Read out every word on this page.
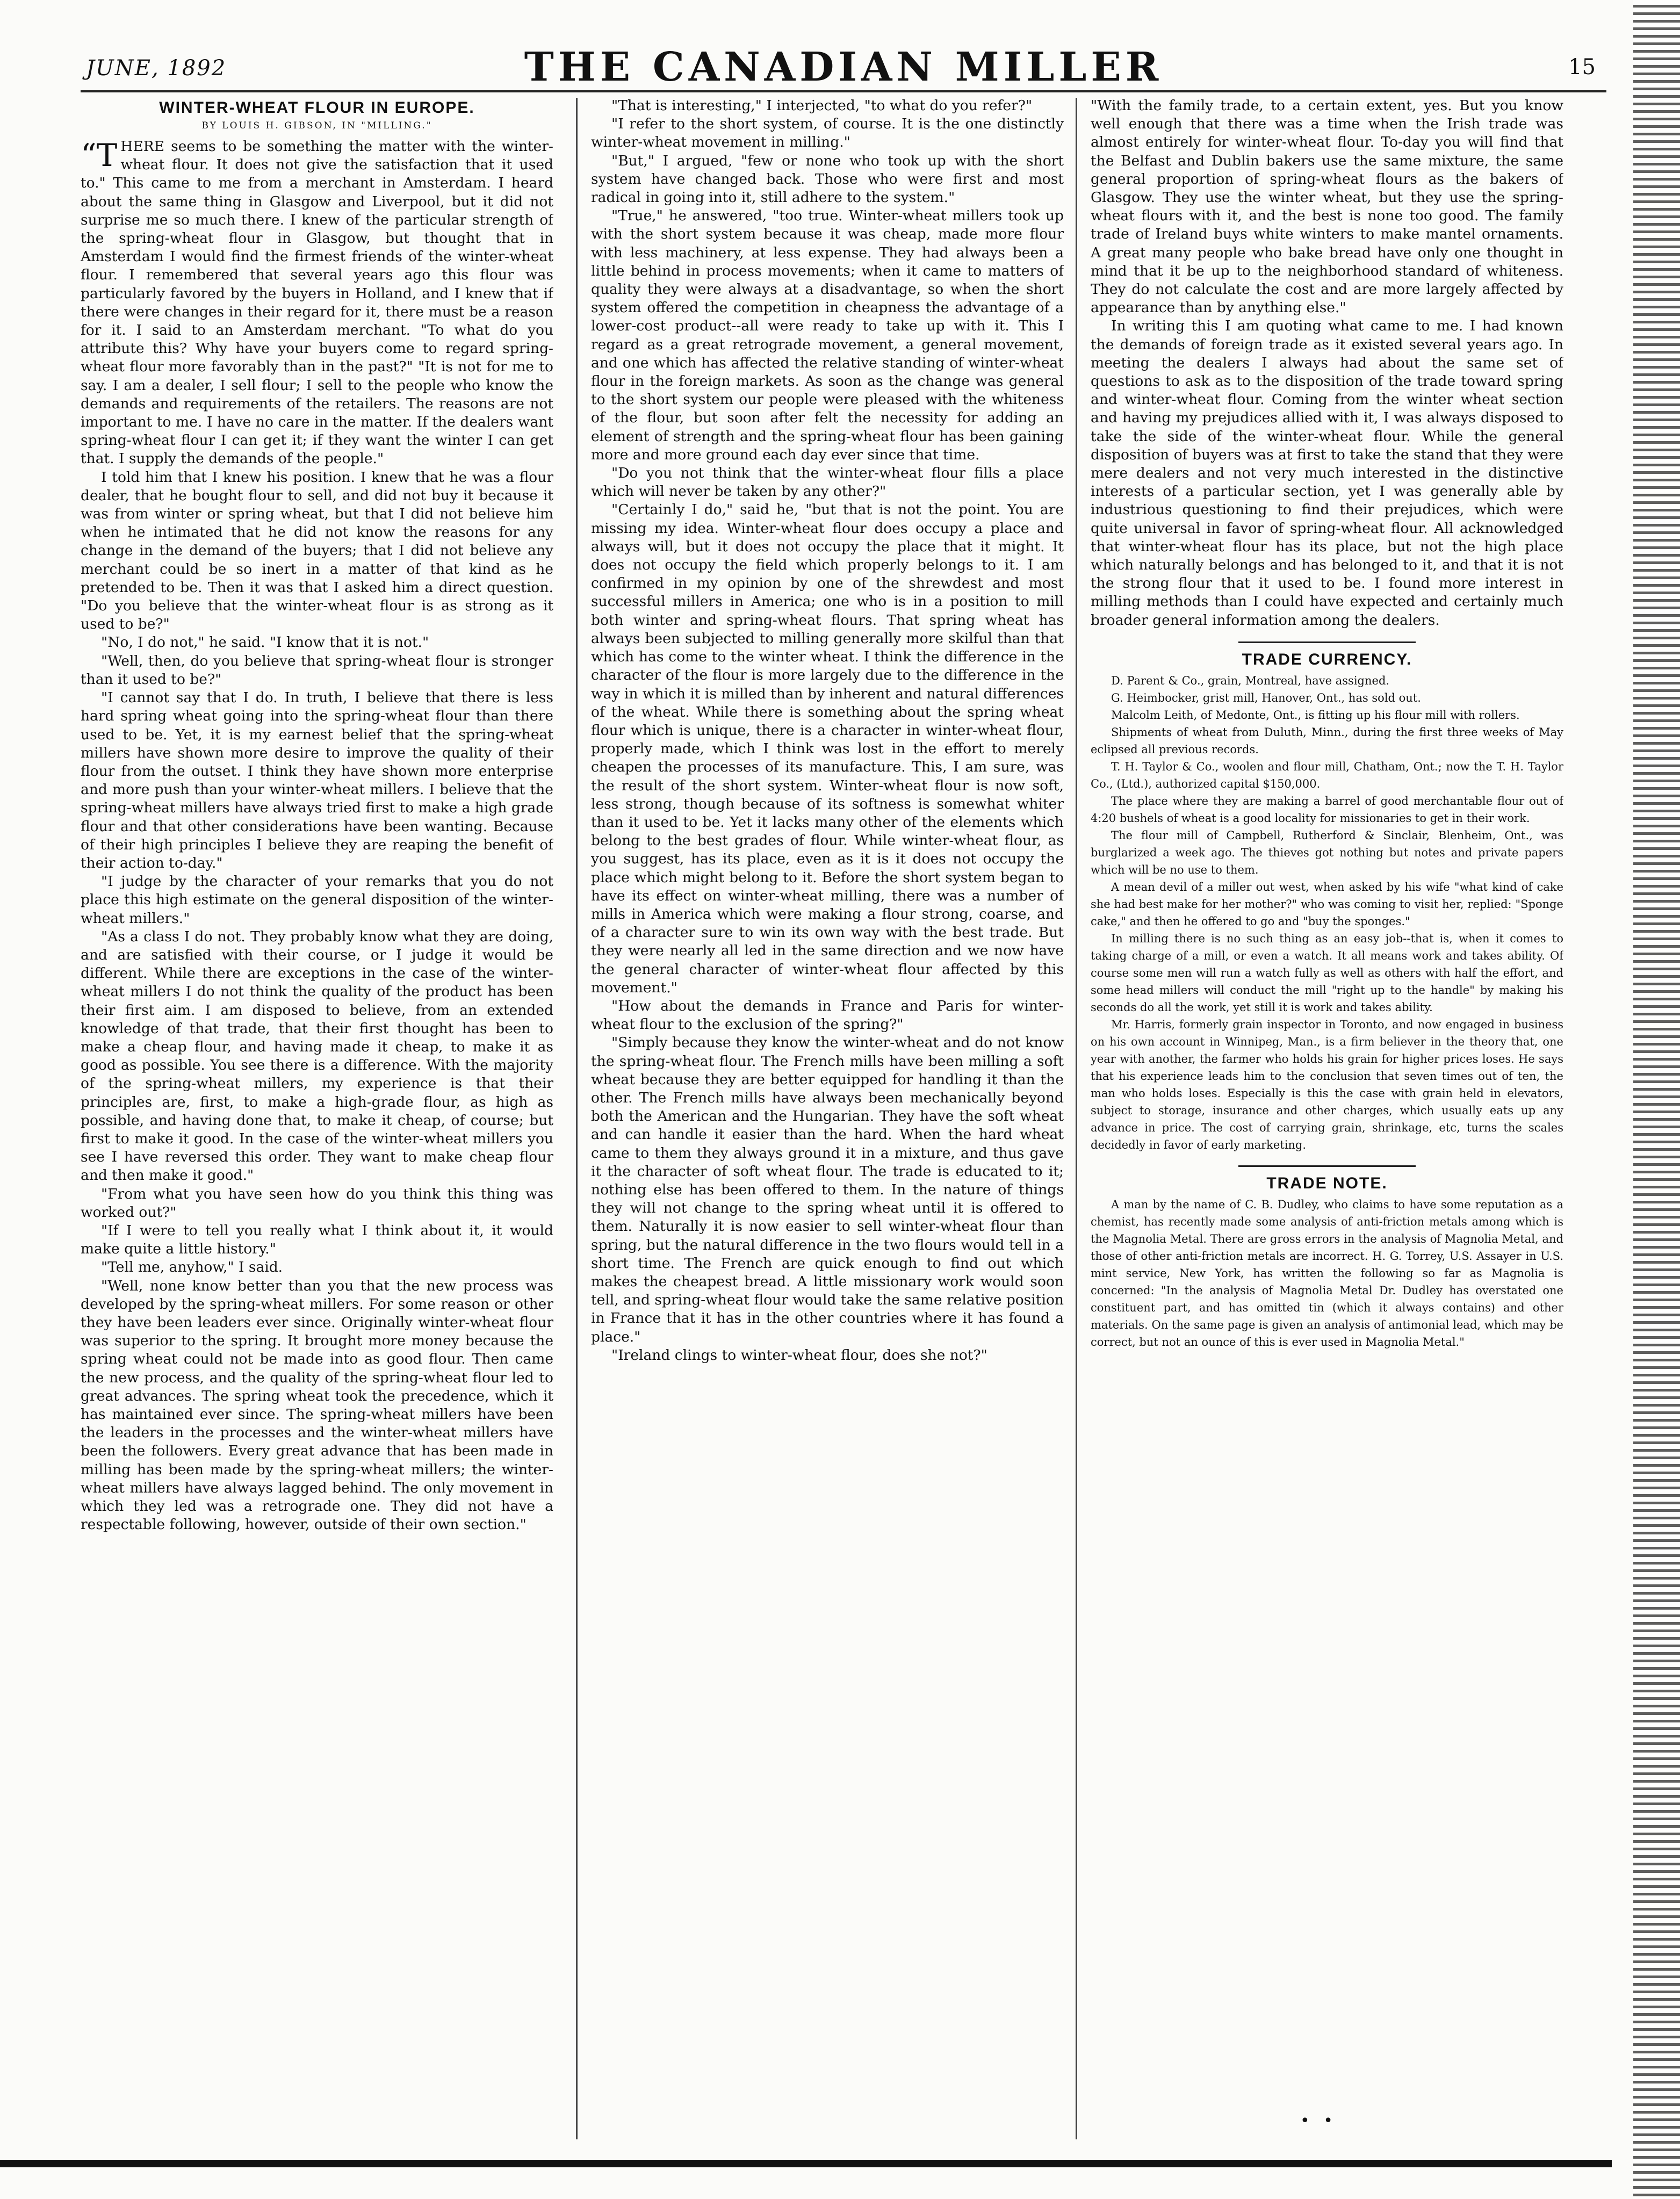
JUNE, 1892	THE CANADIAN MILLER	15
WINTER-WHEAT FLOUR IN EUROPE.
BY LOUIS H. GIBSON, IN "MILLING."

“THERE seems to be something the matter with the winter-wheat flour. It does not give the satisfaction that it used to." This came to me from a merchant in Amsterdam. I heard about the same thing in Glasgow and Liverpool, but it did not surprise me so much there. I knew of the particular strength of the spring-wheat flour in Glasgow, but thought that in Amsterdam I would find the firmest friends of the winter-wheat flour. I remembered that several years ago this flour was particularly favored by the buyers in Holland, and I knew that if there were changes in their regard for it, there must be a reason for it. I said to an Amsterdam merchant. "To what do you attribute this? Why have your buyers come to regard spring-wheat flour more favorably than in the past?" "It is not for me to say. I am a dealer, I sell flour; I sell to the people who know the demands and requirements of the retailers. The reasons are not important to me. I have no care in the matter. If the dealers want spring-wheat flour I can get it; if they want the winter I can get that. I supply the demands of the people."

I told him that I knew his position. I knew that he was a flour dealer, that he bought flour to sell, and did not buy it because it was from winter or spring wheat, but that I did not believe him when he intimated that he did not know the reasons for any change in the demand of the buyers; that I did not believe any merchant could be so inert in a matter of that kind as he pretended to be. Then it was that I asked him a direct question. "Do you believe that the winter-wheat flour is as strong as it used to be?"

"No, I do not," he said. "I know that it is not."

"Well, then, do you believe that spring-wheat flour is stronger than it used to be?"

"I cannot say that I do. In truth, I believe that there is less hard spring wheat going into the spring-wheat flour than there used to be. Yet, it is my earnest belief that the spring-wheat millers have shown more desire to improve the quality of their flour from the outset. I think they have shown more enterprise and more push than your winter-wheat millers. I believe that the spring-wheat millers have always tried first to make a high grade flour and that other considerations have been wanting. Because of their high principles I believe they are reaping the benefit of their action to-day."

"I judge by the character of your remarks that you do not place this high estimate on the general disposition of the winter-wheat millers."

"As a class I do not. They probably know what they are doing, and are satisfied with their course, or I judge it would be different. While there are exceptions in the case of the winter-wheat millers I do not think the quality of the product has been their first aim. I am disposed to believe, from an extended knowledge of that trade, that their first thought has been to make a cheap flour, and having made it cheap, to make it as good as possible. You see there is a difference. With the majority of the spring-wheat millers, my experience is that their principles are, first, to make a high-grade flour, as high as possible, and having done that, to make it cheap, of course; but first to make it good. In the case of the winter-wheat millers you see I have reversed this order. They want to make cheap flour and then make it good."

"From what you have seen how do you think this thing was worked out?"

"If I were to tell you really what I think about it, it would make quite a little history."

"Tell me, anyhow," I said.

"Well, none know better than you that the new process was developed by the spring-wheat millers. For some reason or other they have been leaders ever since. Originally winter-wheat flour was superior to the spring. It brought more money because the spring wheat could not be made into as good flour. Then came the new process, and the quality of the spring-wheat flour led to great advances. The spring wheat took the precedence, which it has maintained ever since. The spring-wheat millers have been the leaders in the processes and the winter-wheat millers have been the followers. Every great advance that has been made in milling has been made by the spring-wheat millers; the winter-wheat millers have always lagged behind. The only movement in which they led was a retrograde one. They did not have a respectable following, however, outside of their own section."

"That is interesting," I interjected, "to what do you refer?"

"I refer to the short system, of course. It is the one distinctly winter-wheat movement in milling."

"But," I argued, "few or none who took up with the short system have changed back. Those who were first and most radical in going into it, still adhere to the system."

"True," he answered, "too true. Winter-wheat millers took up with the short system because it was cheap, made more flour with less machinery, at less expense. They had always been a little behind in process movements; when it came to matters of quality they were always at a disadvantage, so when the short system offered the competition in cheapness the advantage of a lower-cost product--all were ready to take up with it. This I regard as a great retrograde movement, a general movement, and one which has affected the relative standing of winter-wheat flour in the foreign markets. As soon as the change was general to the short system our people were pleased with the whiteness of the flour, but soon after felt the necessity for adding an element of strength and the spring-wheat flour has been gaining more and more ground each day ever since that time.

"Do you not think that the winter-wheat flour fills a place which will never be taken by any other?"

"Certainly I do," said he, "but that is not the point. You are missing my idea. Winter-wheat flour does occupy a place and always will, but it does not occupy the place that it might. It does not occupy the field which properly belongs to it. I am confirmed in my opinion by one of the shrewdest and most successful millers in America; one who is in a position to mill both winter and spring-wheat flours. That spring wheat has always been subjected to milling generally more skilful than that which has come to the winter wheat. I think the difference in the character of the flour is more largely due to the difference in the way in which it is milled than by inherent and natural differences of the wheat. While there is something about the spring wheat flour which is unique, there is a character in winter-wheat flour, properly made, which I think was lost in the effort to merely cheapen the processes of its manufacture. This, I am sure, was the result of the short system. Winter-wheat flour is now soft, less strong, though because of its softness is somewhat whiter than it used to be. Yet it lacks many other of the elements which belong to the best grades of flour. While winter-wheat flour, as you suggest, has its place, even as it is it does not occupy the place which might belong to it. Before the short system began to have its effect on winter-wheat milling, there was a number of mills in America which were making a flour strong, coarse, and of a character sure to win its own way with the best trade. But they were nearly all led in the same direction and we now have the general character of winter-wheat flour affected by this movement."

"How about the demands in France and Paris for winter-wheat flour to the exclusion of the spring?"

"Simply because they know the winter-wheat and do not know the spring-wheat flour. The French mills have been milling a soft wheat because they are better equipped for handling it than the other. The French mills have always been mechanically beyond both the American and the Hungarian. They have the soft wheat and can handle it easier than the hard. When the hard wheat came to them they always ground it in a mixture, and thus gave it the character of soft wheat flour. The trade is educated to it; nothing else has been offered to them. In the nature of things they will not change to the spring wheat until it is offered to them. Naturally it is now easier to sell winter-wheat flour than spring, but the natural difference in the two flours would tell in a short time. The French are quick enough to find out which makes the cheapest bread. A little missionary work would soon tell, and spring-wheat flour would take the same relative position in France that it has in the other countries where it has found a place."

"Ireland clings to winter-wheat flour, does she not?"

"With the family trade, to a certain extent, yes. But you know well enough that there was a time when the Irish trade was almost entirely for winter-wheat flour. To-day you will find that the Belfast and Dublin bakers use the same mixture, the same general proportion of spring-wheat flours as the bakers of Glasgow. They use the winter wheat, but they use the spring-wheat flours with it, and the best is none too good. The family trade of Ireland buys white winters to make mantel ornaments. A great many people who bake bread have only one thought in mind that it be up to the neighborhood standard of whiteness. They do not calculate the cost and are more largely affected by appearance than by anything else."

In writing this I am quoting what came to me. I had known the demands of foreign trade as it existed several years ago. In meeting the dealers I always had about the same set of questions to ask as to the disposition of the trade toward spring and winter-wheat flour. Coming from the winter wheat section and having my prejudices allied with it, I was always disposed to take the side of the winter-wheat flour. While the general disposition of buyers was at first to take the stand that they were mere dealers and not very much interested in the distinctive interests of a particular section, yet I was generally able by industrious questioning to find their prejudices, which were quite universal in favor of spring-wheat flour. All acknowledged that winter-wheat flour has its place, but not the high place which naturally belongs and has belonged to it, and that it is not the strong flour that it used to be. I found more interest in milling methods than I could have expected and certainly much broader general information among the dealers.

TRADE CURRENCY.

D. Parent & Co., grain, Montreal, have assigned.

G. Heimbocker, grist mill, Hanover, Ont., has sold out.

Malcolm Leith, of Medonte, Ont., is fitting up his flour mill with rollers.

Shipments of wheat from Duluth, Minn., during the first three weeks of May eclipsed all previous records.

T. H. Taylor & Co., woolen and flour mill, Chatham, Ont.; now the T. H. Taylor Co., (Ltd.), authorized capital $150,000.

The place where they are making a barrel of good merchantable flour out of 4:20 bushels of wheat is a good locality for missionaries to get in their work.

The flour mill of Campbell, Rutherford & Sinclair, Blenheim, Ont., was burglarized a week ago. The thieves got nothing but notes and private papers which will be no use to them.

A mean devil of a miller out west, when asked by his wife "what kind of cake she had best make for her mother?" who was coming to visit her, replied: "Sponge cake," and then he offered to go and "buy the sponges."

In milling there is no such thing as an easy job--that is, when it comes to taking charge of a mill, or even a watch. It all means work and takes ability. Of course some men will run a watch fully as well as others with half the effort, and some head millers will conduct the mill "right up to the handle" by making his seconds do all the work, yet still it is work and takes ability.

Mr. Harris, formerly grain inspector in Toronto, and now engaged in business on his own account in Winnipeg, Man., is a firm believer in the theory that, one year with another, the farmer who holds his grain for higher prices loses. He says that his experience leads him to the conclusion that seven times out of ten, the man who holds loses. Especially is this the case with grain held in elevators, subject to storage, insurance and other charges, which usually eats up any advance in price. The cost of carrying grain, shrinkage, etc, turns the scales decidedly in favor of early marketing.

TRADE NOTE.

A man by the name of C. B. Dudley, who claims to have some reputation as a chemist, has recently made some analysis of anti-friction metals among which is the Magnolia Metal. There are gross errors in the analysis of Magnolia Metal, and those of other anti-friction metals are incorrect. H. G. Torrey, U.S. Assayer in U.S. mint service, New York, has written the following so far as Magnolia is concerned: "In the analysis of Magnolia Metal Dr. Dudley has overstated one constituent part, and has omitted tin (which it always contains) and other materials. On the same page is given an analysis of antimonial lead, which may be correct, but not an ounce of this is ever used in Magnolia Metal."

• •
